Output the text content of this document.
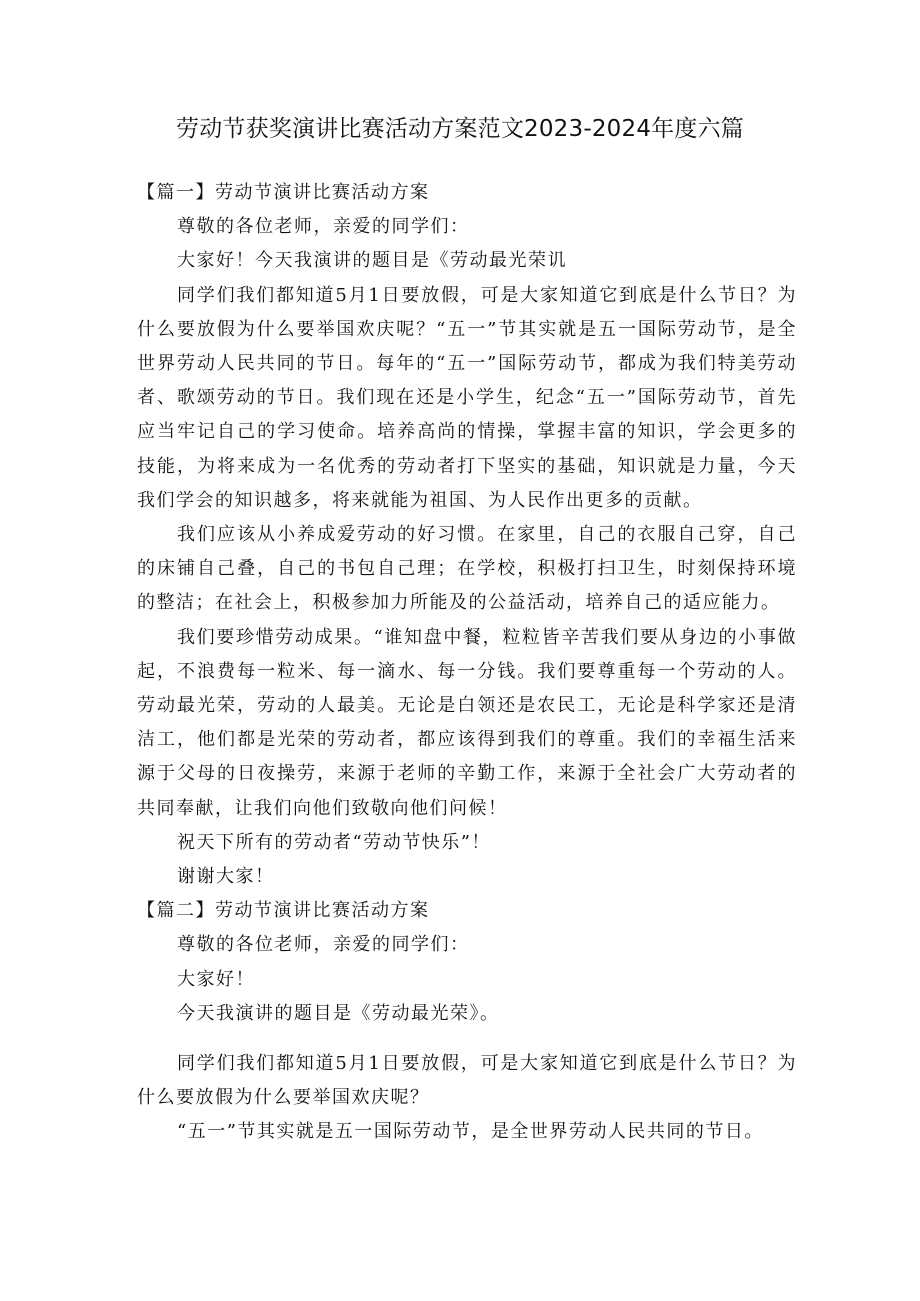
劳动节获奖演讲比赛活动方案范文2023-2024年度六篇

【篇一】劳动节演讲比赛活动方案

尊敬的各位老师，亲爱的同学们：

大家好！今天我演讲的题目是《劳动最光荣讥

同学们我们都知道5月1日要放假，可是大家知道它到底是什么节日？为什么要放假为什么要举国欢庆呢？“五一”节其实就是五一国际劳动节，是全世界劳动人民共同的节日。每年的“五一”国际劳动节，都成为我们特美劳动者、歌颂劳动的节日。我们现在还是小学生，纪念“五一”国际劳动节，首先应当牢记自己的学习使命。培养高尚的情操，掌握丰富的知识，学会更多的技能，为将来成为一名优秀的劳动者打下坚实的基础，知识就是力量，今天我们学会的知识越多，将来就能为祖国、为人民作出更多的贡献。

我们应该从小养成爱劳动的好习惯。在家里，自己的衣服自己穿，自己的床铺自己叠，自己的书包自己理；在学校，积极打扫卫生，时刻保持环境的整洁；在社会上，积极参加力所能及的公益活动，培养自己的适应能力。

我们要珍惜劳动成果。“谁知盘中餐，粒粒皆辛苦我们要从身边的小事做起，不浪费每一粒米、每一滴水、每一分钱。我们要尊重每一个劳动的人。劳动最光荣，劳动的人最美。无论是白领还是农民工，无论是科学家还是清洁工，他们都是光荣的劳动者，都应该得到我们的尊重。我们的幸福生活来源于父母的日夜操劳，来源于老师的辛勤工作，来源于全社会广大劳动者的共同奉献，让我们向他们致敬向他们问候！

祝天下所有的劳动者“劳动节快乐”！

谢谢大家！

【篇二】劳动节演讲比赛活动方案

尊敬的各位老师，亲爱的同学们：

大家好！

今天我演讲的题目是《劳动最光荣》。

同学们我们都知道5月1日要放假，可是大家知道它到底是什么节日？为什么要放假为什么要举国欢庆呢？

“五一”节其实就是五一国际劳动节，是全世界劳动人民共同的节日。
